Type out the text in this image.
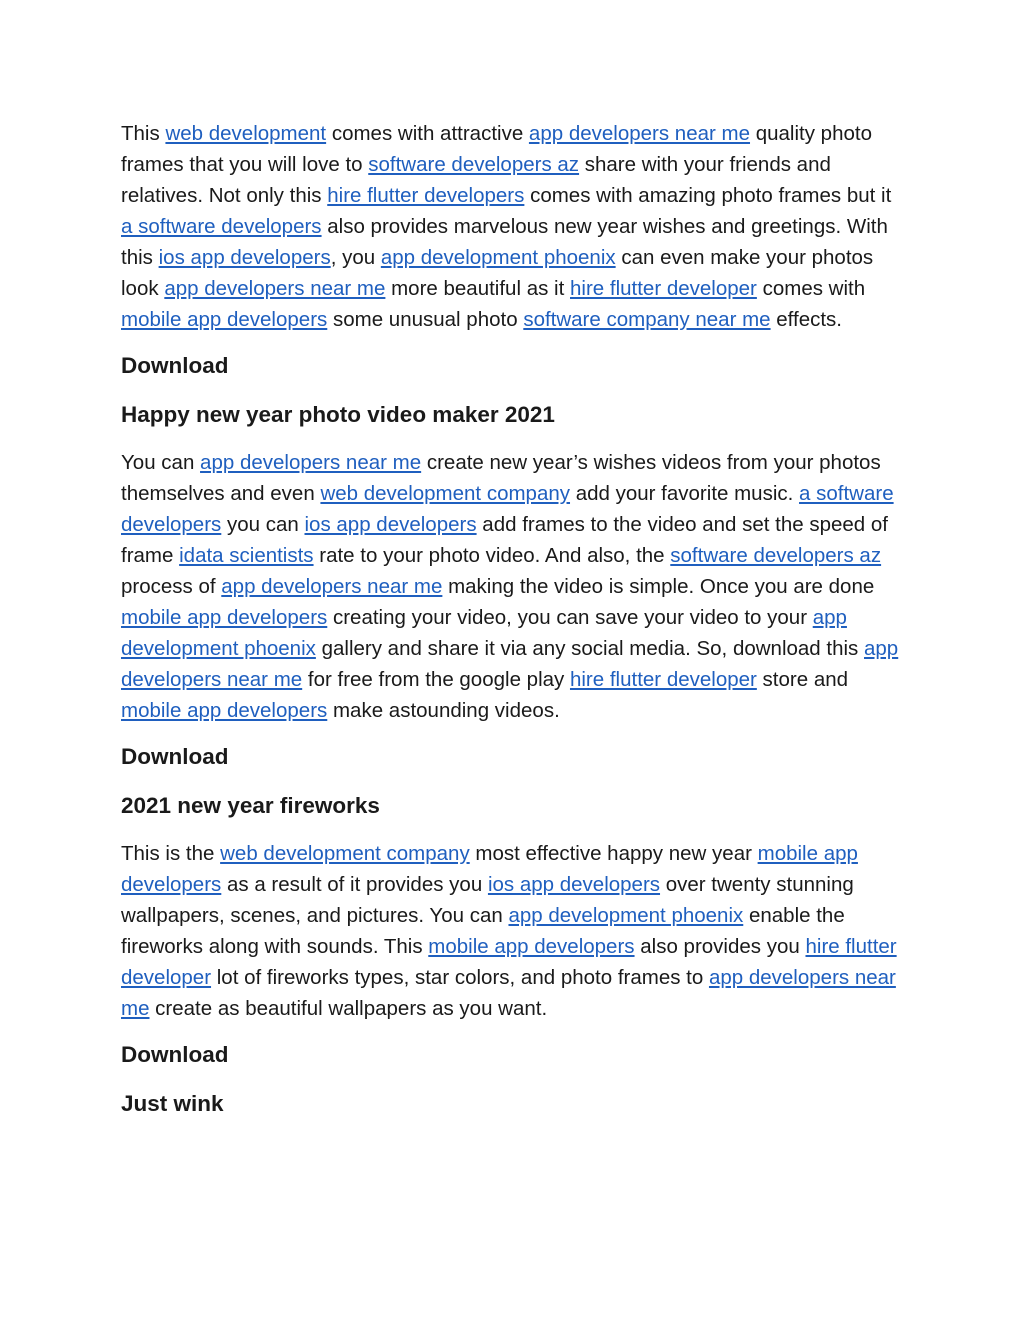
This web development comes with attractive app developers near me quality photo frames that you will love to software developers az share with your friends and relatives. Not only this hire flutter developers comes with amazing photo frames but it a software developers also provides marvelous new year wishes and greetings. With this ios app developers, you app development phoenix can even make your photos look app developers near me more beautiful as it hire flutter developer comes with mobile app developers some unusual photo software company near me effects.

Download
Happy new year photo video maker 2021

You can app developers near me create new year’s wishes videos from your photos themselves and even web development company add your favorite music. a software developers you can ios app developers add frames to the video and set the speed of frame idata scientists rate to your photo video. And also, the software developers az process of app developers near me making the video is simple. Once you are done mobile app developers creating your video, you can save your video to your app development phoenix gallery and share it via any social media. So, download this app developers near me for free from the google play hire flutter developer store and mobile app developers make astounding videos.

Download
2021 new year fireworks

This is the web development company most effective happy new year mobile app developers as a result of it provides you ios app developers over twenty stunning wallpapers, scenes, and pictures. You can app development phoenix enable the fireworks along with sounds. This mobile app developers also provides you hire flutter developer lot of fireworks types, star colors, and photo frames to app developers near me create as beautiful wallpapers as you want.

Download
Just wink
